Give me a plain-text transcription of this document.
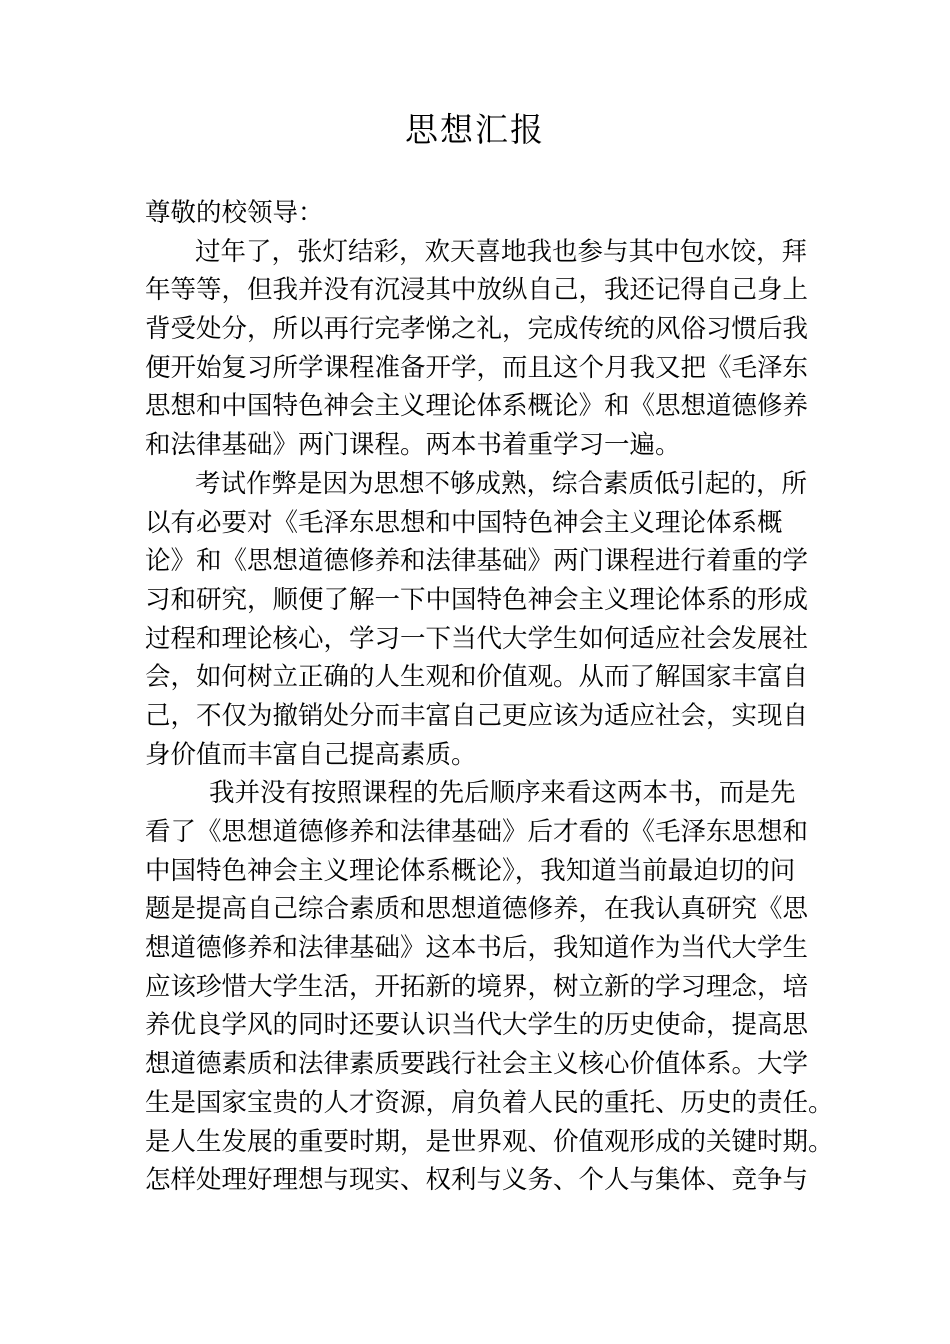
思想汇报
尊敬的校领导：
过年了，张灯结彩，欢天喜地我也参与其中包水饺，拜
年等等，但我并没有沉浸其中放纵自己，我还记得自己身上
背受处分，所以再行完孝悌之礼，完成传统的风俗习惯后我
便开始复习所学课程准备开学，而且这个月我又把《毛泽东
思想和中国特色神会主义理论体系概论》和《思想道德修养
和法律基础》两门课程。两本书着重学习一遍。
考试作弊是因为思想不够成熟，综合素质低引起的，所
以有必要对《毛泽东思想和中国特色神会主义理论体系概
论》和《思想道德修养和法律基础》两门课程进行着重的学
习和研究，顺便了解一下中国特色神会主义理论体系的形成
过程和理论核心，学习一下当代大学生如何适应社会发展社
会，如何树立正确的人生观和价值观。从而了解国家丰富自
己，不仅为撤销处分而丰富自己更应该为适应社会，实现自
身价值而丰富自己提高素质。
我并没有按照课程的先后顺序来看这两本书，而是先
看了《思想道德修养和法律基础》后才看的《毛泽东思想和
中国特色神会主义理论体系概论》，我知道当前最迫切的问
题是提高自己综合素质和思想道德修养，在我认真研究《思
想道德修养和法律基础》这本书后，我知道作为当代大学生
应该珍惜大学生活，开拓新的境界，树立新的学习理念，培
养优良学风的同时还要认识当代大学生的历史使命，提高思
想道德素质和法律素质要践行社会主义核心价值体系。大学
生是国家宝贵的人才资源，肩负着人民的重托、历史的责任。
是人生发展的重要时期，是世界观、价值观形成的关键时期。
怎样处理好理想与现实、权利与义务、个人与集体、竞争与
